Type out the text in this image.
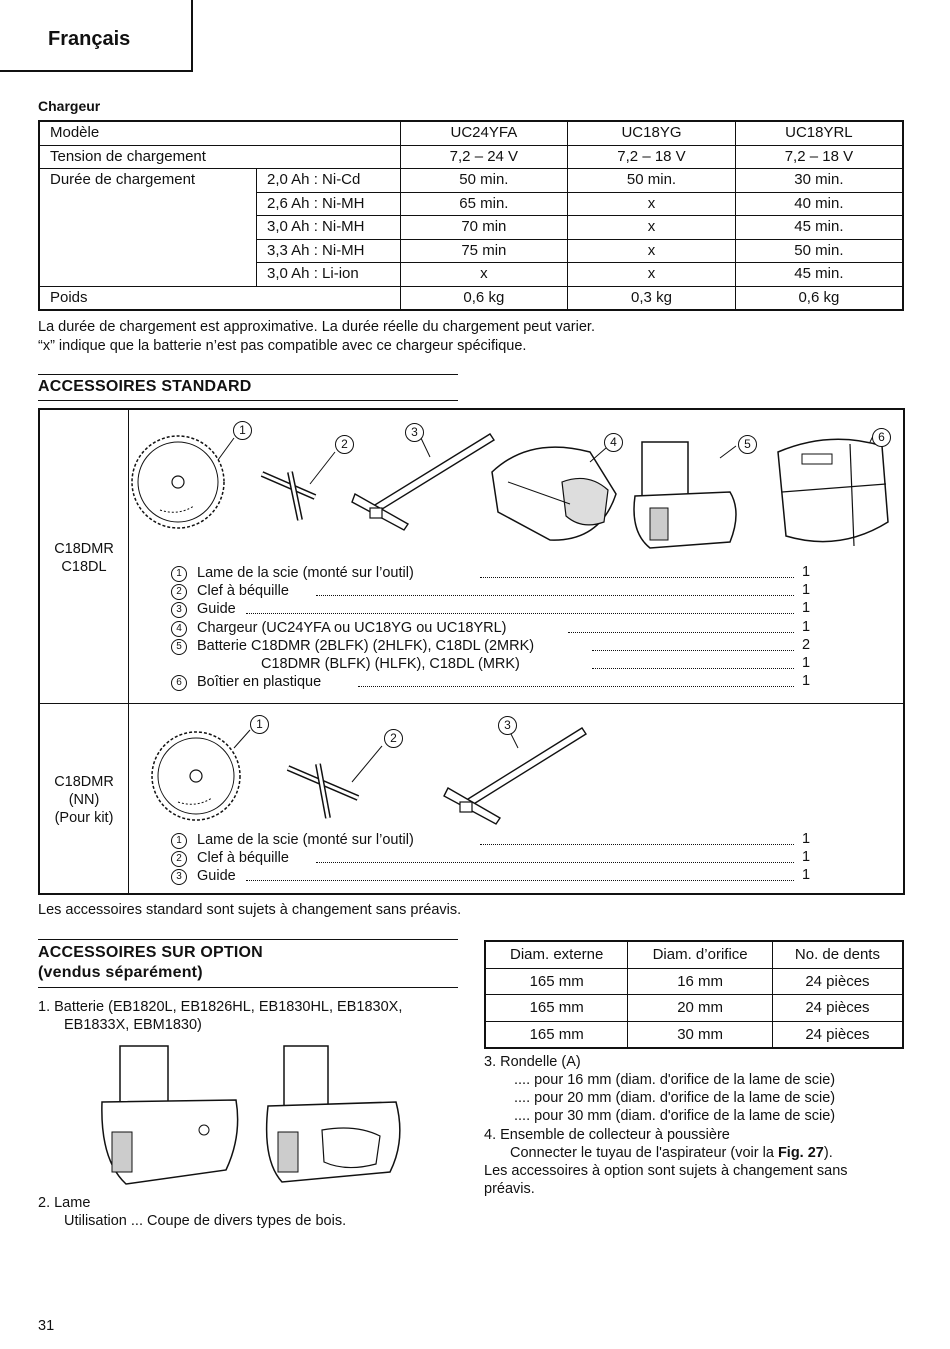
Français
Chargeur
Modèle		UC24YFA	UC18YG	UC18YRL
Tension de chargement		7,2 – 24 V	7,2 – 18 V	7,2 – 18 V
Durée de chargement	2,0 Ah : Ni-Cd	50 min.	50 min.	30 min.
	2,6 Ah : Ni-MH	65 min.	x	40 min.
	3,0 Ah : Ni-MH	70 min	x	45 min.
	3,3 Ah : Ni-MH	75 min	x	50 min.
	3,0 Ah : Li-ion	x	x	45 min.
Poids		0,6 kg	0,3 kg	0,6 kg
La durée de chargement est approximative. La durée réelle du chargement peut varier.
“x” indique que la batterie n’est pas compatible avec ce chargeur spécifique.
ACCESSOIRES STANDARD
C18DMR
C18DL
1
2
3
4	5	6
1 Lame de la scie (monté sur l’outil)	1
2 Clef à béquille	1
3 Guide	1
4 Chargeur (UC24YFA ou UC18YG ou UC18YRL)	1
5 Batterie C18DMR (2BLFK) (2HLFK), C18DL (2MRK)	2
C18DMR (BLFK) (HLFK), C18DL (MRK)	1
6 Boîtier en plastique	1
C18DMR
(NN)
(Pour kit)
1
2
3
1 Lame de la scie (monté sur l’outil)	1
2 Clef à béquille	1
3 Guide	1
Les accessoires standard sont sujets à changement sans préavis.
ACCESSOIRES SUR OPTION
(vendus séparément)
1. Batterie (EB1820L, EB1826HL, EB1830HL, EB1830X,
EB1833X, EBM1830)
2. Lame
Utilisation ... Coupe de divers types de bois.
Diam. externe	Diam. d’orifice	No. de dents
165 mm	16 mm	24 pièces
165 mm	20 mm	24 pièces
165 mm	30 mm	24 pièces
3. Rondelle (A)
.... pour 16 mm (diam. d'orifice de la lame de scie)
.... pour 20 mm (diam. d'orifice de la lame de scie)
.... pour 30 mm (diam. d'orifice de la lame de scie)
4. Ensemble de collecteur à poussière
Connecter le tuyau de l'aspirateur (voir la Fig. 27).
Les accessoires à option sont sujets à changement sans
préavis.
31
